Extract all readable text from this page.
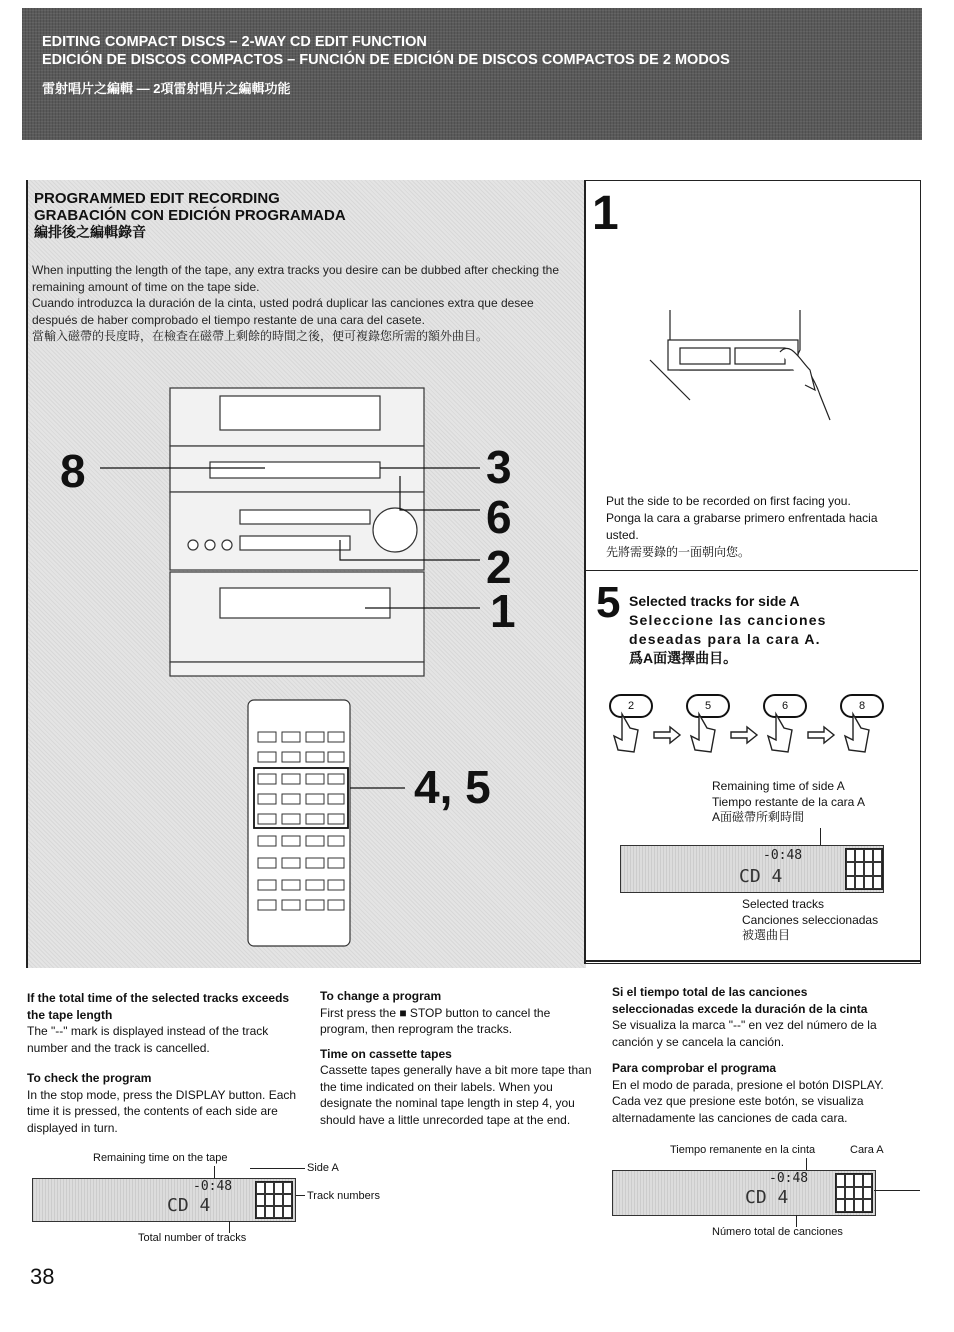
EDITING COMPACT DISCS – 2-WAY CD EDIT FUNCTION
EDICIÓN DE DISCOS COMPACTOS – FUNCIÓN DE EDICIÓN DE DISCOS COMPACTOS DE 2 MODOS
雷射唱片之編輯 — 2項雷射唱片之編輯功能
PROGRAMMED EDIT RECORDING
GRABACIÓN CON EDICIÓN PROGRAMADA
編排後之編輯錄音
When inputting the length of the tape, any extra tracks you desire can be dubbed after checking the remaining amount of time on the tape side.
Cuando introduzca la duración de la cinta, usted podrá duplicar las canciones extra que desee después de haber comprobado el tiempo restante de una cara del casete.
當輸入磁帶的長度時，在檢查在磁帶上剩餘的時間之後，便可複錄您所需的額外曲目。
8	3
6
2
1
4, 5
1
Put the side to be recorded on first facing you.
Ponga la cara a grabarse primero enfrentada hacia usted.
先將需要錄的一面朝向您。
5 Selected tracks for side A
Seleccione las canciones deseadas para la cara A.
爲A面選擇曲目。
2	5	6	8
Remaining time of side A
Tiempo restante de la cara A
A面磁帶所剩時間
-0:48
CD 4
Selected tracks
Canciones seleccionadas
被選曲目
If the total time of the selected tracks exceeds the tape length
The "--" mark is displayed instead of the track number and the track is cancelled.
To check the program
In the stop mode, press the DISPLAY button. Each time it is pressed, the contents of each side are displayed in turn.
To change a program
First press the ■ STOP button to cancel the program, then reprogram the tracks.
Time on cassette tapes
Cassette tapes generally have a bit more tape than the time indicated on their labels. When you designate the nominal tape length in step 4, you should have a little unrecorded tape at the end.
Si el tiempo total de las canciones seleccionadas excede la duración de la cinta
Se visualiza la marca "--" en vez del número de la canción y se cancela la canción.
Para comprobar el programa
En el modo de parada, presione el botón DISPLAY. Cada vez que presione este botón, se visualiza alternadamente las canciones de cada cara.
Remaining time on the tape
Side A
Track numbers
-0:48
CD 4
Total number of tracks
Tiempo remanente en la cinta	Cara A
-0:48
CD 4
Número total de canciones
38
